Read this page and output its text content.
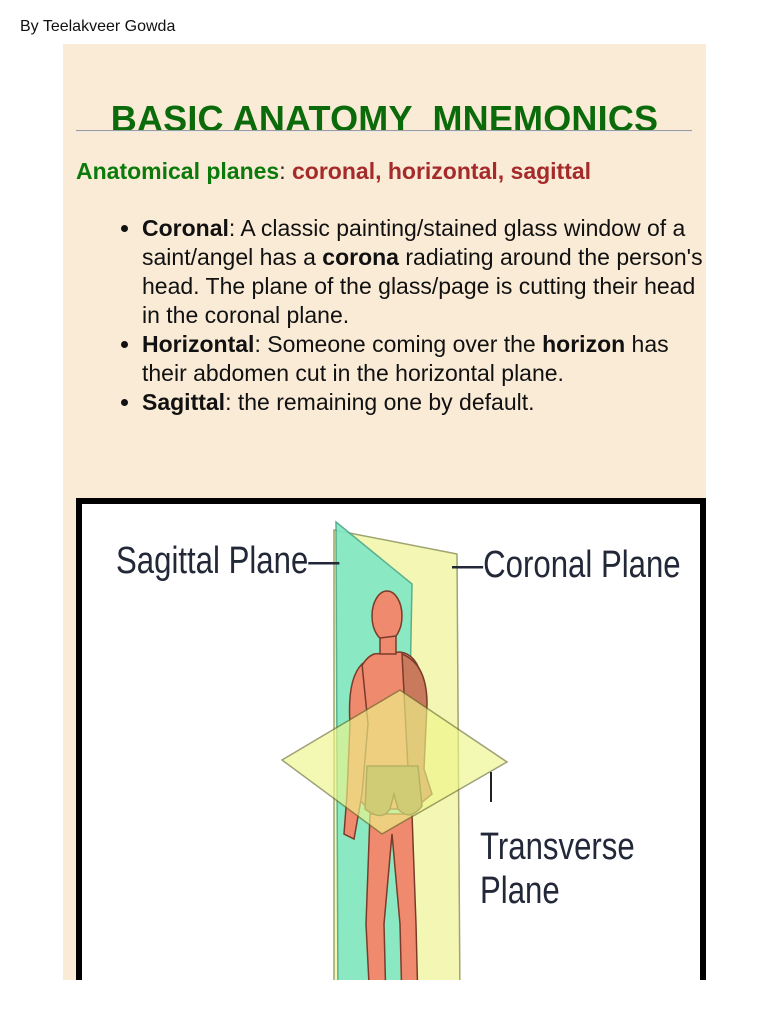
By Teelakveer Gowda
BASIC ANATOMY  MNEMONICS
Anatomical planes: coronal, horizontal, sagittal
• Coronal: A classic painting/stained glass window of a saint/angel has a corona radiating around the person's head. The plane of the glass/page is cutting their head in the coronal plane.
• Horizontal: Someone coming over the horizon has their abdomen cut in the horizontal plane.
• Sagittal: the remaining one by default.
Sagittal Plane—	—Coronal Plane
Transverse
Plane
